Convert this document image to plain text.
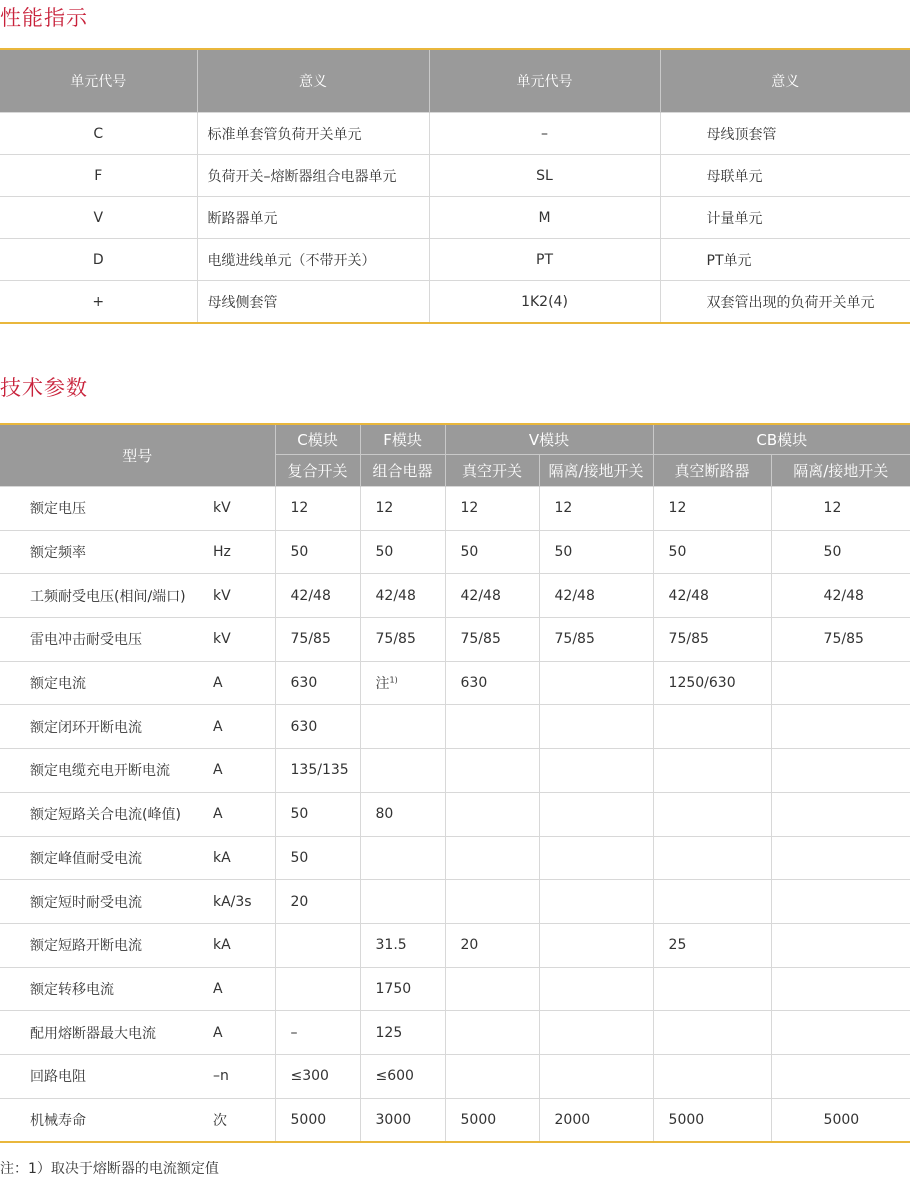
性能指示
单元代号	意义	单元代号	意义
C	标准单套管负荷开关单元	–	母线顶套管
F	负荷开关–熔断器组合电器单元	SL	母联单元
V	断路器单元	M	计量单元
D	电缆进线单元（不带开关）	PT	PT单元
+	母线侧套管	1K2(4)	双套管出现的负荷开关单元
技术参数
型号		C模块	F模块	V模块		CB模块	
		复合开关	组合电器	真空开关	隔离/接地开关	真空断路器	隔离/接地开关
额定电压	kV	12	12	12	12	12	12
额定频率	Hz	50	50	50	50	50	50
工频耐受电压(相间/端口)	kV	42/48	42/48	42/48	42/48	42/48	42/48
雷电冲击耐受电压	kV	75/85	75/85	75/85	75/85	75/85	75/85
额定电流	A	630	注$^{1)}$	630		1250/630	
额定闭环开断电流	A	630					
额定电缆充电开断电流	A	135/135					
额定短路关合电流(峰值)	A	50	80				
额定峰值耐受电流	kA	50					
额定短时耐受电流	kA/3s	20					
额定短路开断电流	kA		31.5	20		25	
额定转移电流	A		1750				
配用熔断器最大电流	A	–	125				
回路电阻	–n	≤300	≤600				
机械寿命	次	5000	3000	5000	2000	5000	5000

注：1）取决于熔断器的电流额定值
